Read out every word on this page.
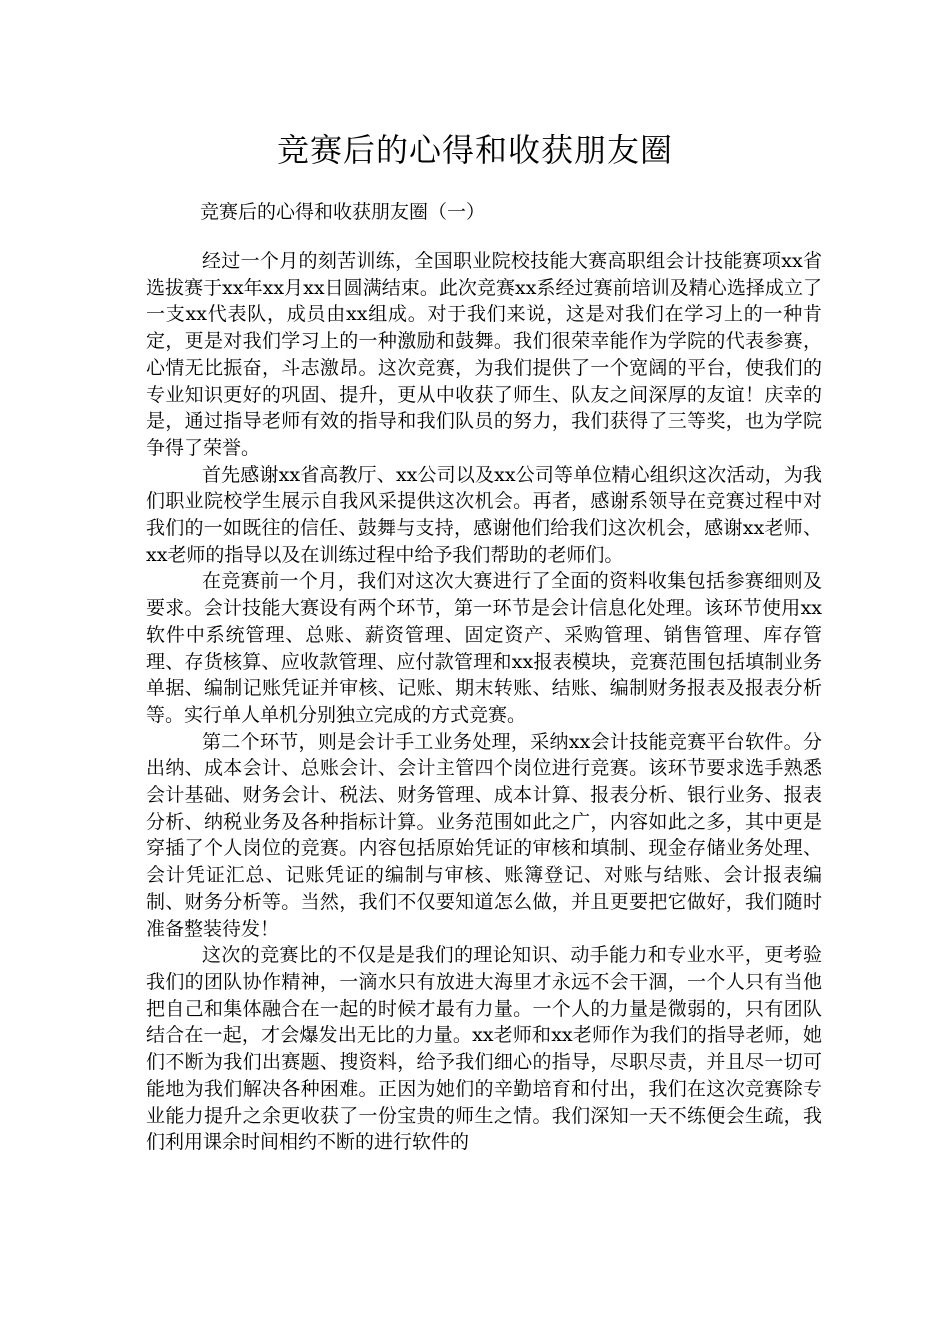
竞赛后的心得和收获朋友圈

竞赛后的心得和收获朋友圈（一）

经过一个月的刻苦训练，全国职业院校技能大赛高职组会计技能赛项xx省选拔赛于xx年xx月xx日圆满结束。此次竞赛xx系经过赛前培训及精心选择成立了一支xx代表队，成员由xx组成。对于我们来说，这是对我们在学习上的一种肯定，更是对我们学习上的一种激励和鼓舞。我们很荣幸能作为学院的代表参赛，心情无比振奋，斗志激昂。这次竞赛，为我们提供了一个宽阔的平台，使我们的专业知识更好的巩固、提升，更从中收获了师生、队友之间深厚的友谊！庆幸的是，通过指导老师有效的指导和我们队员的努力，我们获得了三等奖，也为学院争得了荣誉。

首先感谢xx省高教厅、xx公司以及xx公司等单位精心组织这次活动，为我们职业院校学生展示自我风采提供这次机会。再者，感谢系领导在竞赛过程中对我们的一如既往的信任、鼓舞与支持，感谢他们给我们这次机会，感谢xx老师、xx老师的指导以及在训练过程中给予我们帮助的老师们。

在竞赛前一个月，我们对这次大赛进行了全面的资料收集包括参赛细则及要求。会计技能大赛设有两个环节，第一环节是会计信息化处理。该环节使用xx软件中系统管理、总账、薪资管理、固定资产、采购管理、销售管理、库存管理、存货核算、应收款管理、应付款管理和xx报表模块，竞赛范围包括填制业务单据、编制记账凭证并审核、记账、期末转账、结账、编制财务报表及报表分析等。实行单人单机分别独立完成的方式竞赛。

第二个环节，则是会计手工业务处理，采纳xx会计技能竞赛平台软件。分出纳、成本会计、总账会计、会计主管四个岗位进行竞赛。该环节要求选手熟悉会计基础、财务会计、税法、财务管理、成本计算、报表分析、银行业务、报表分析、纳税业务及各种指标计算。业务范围如此之广，内容如此之多，其中更是穿插了个人岗位的竞赛。内容包括原始凭证的审核和填制、现金存储业务处理、会计凭证汇总、记账凭证的编制与审核、账簿登记、对账与结账、会计报表编制、财务分析等。当然，我们不仅要知道怎么做，并且更要把它做好，我们随时准备整装待发！

这次的竞赛比的不仅是是我们的理论知识、动手能力和专业水平，更考验我们的团队协作精神，一滴水只有放进大海里才永远不会干涸，一个人只有当他把自己和集体融合在一起的时候才最有力量。一个人的力量是微弱的，只有团队结合在一起，才会爆发出无比的力量。xx老师和xx老师作为我们的指导老师，她们不断为我们出赛题、搜资料，给予我们细心的指导，尽职尽责，并且尽一切可能地为我们解决各种困难。正因为她们的辛勤培育和付出，我们在这次竞赛除专业能力提升之余更收获了一份宝贵的师生之情。我们深知一天不练便会生疏，我们利用课余时间相约不断的进行软件的
